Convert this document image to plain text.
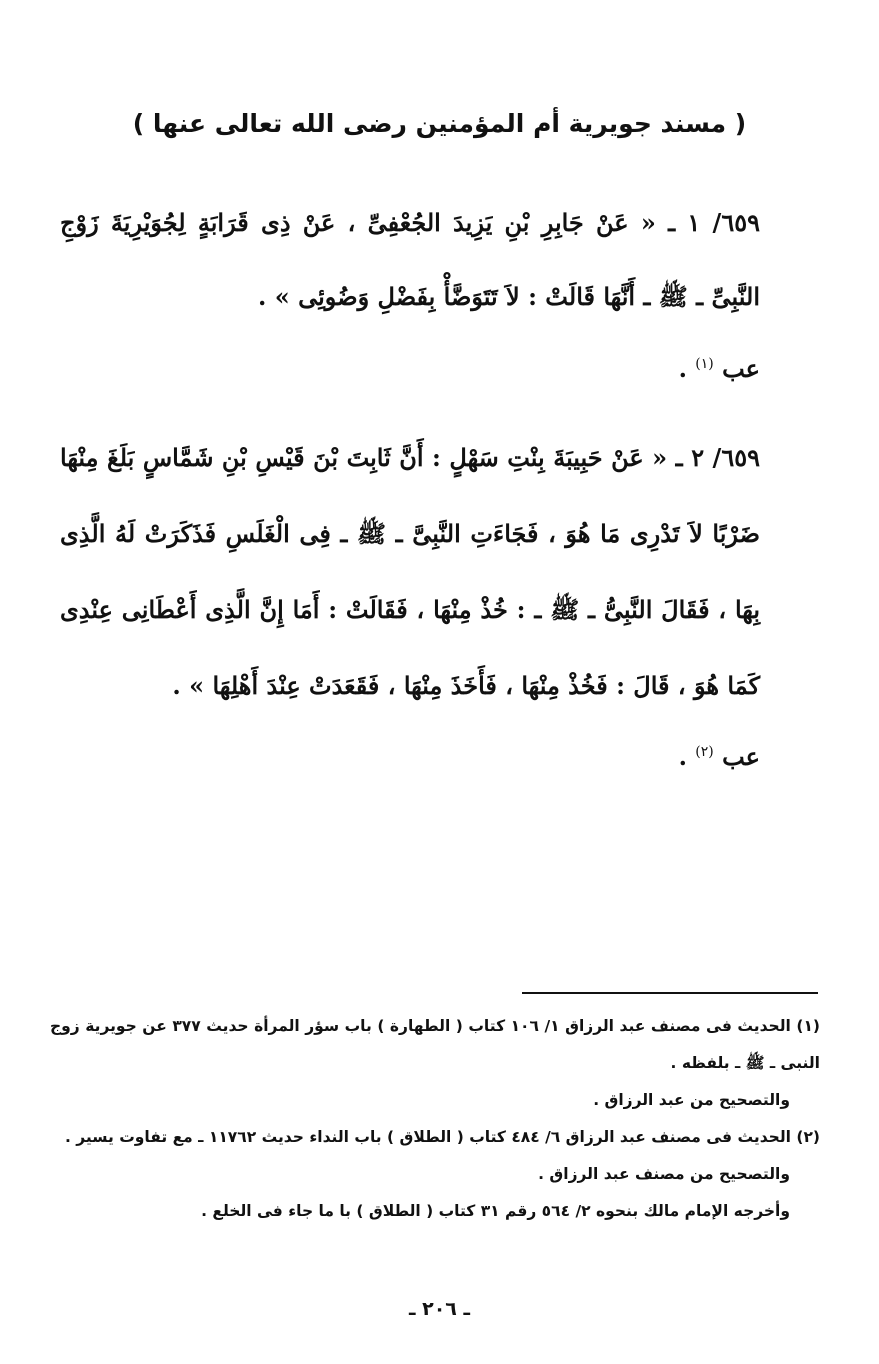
( مسند جويرية أم المؤمنين رضى الله تعالى عنها )

٦٥٩/ ١ ـ « عَنْ جَابِرِ بْنِ يَزِيدَ الجُعْفِىِّ ، عَنْ ذِى قَرَابَةٍ لِجُوَيْرِيَةَ زَوْجِ النَّبِىِّ ـ ﷺ ـ أَنَّهَا قَالَتْ : لاَ تَتَوَضَّأْ بِفَضْلِ وَضُوئِى » .

عب $^{(١)}$ .

٦٥٩/ ٢ ـ « عَنْ حَبِيبَةَ بِنْتِ سَهْلٍ : أَنَّ ثَابِتَ بْنَ قَيْسِ بْنِ شَمَّاسٍ بَلَغَ مِنْهَا ضَرْبًا لاَ تَدْرِى مَا هُوَ ، فَجَاءَتِ النَّبِىَّ ـ ﷺ ـ فِى الْغَلَسِ فَذَكَرَتْ لَهُ الَّذِى بِهَا ، فَقَالَ النَّبِىُّ ـ ﷺ ـ : خُذْ مِنْهَا ، فَقَالَتْ : أَمَا إِنَّ الَّذِى أَعْطَانِى عِنْدِى كَمَا هُوَ ، قَالَ : فَخُذْ مِنْهَا ، فَأَخَذَ مِنْهَا ، فَقَعَدَتْ عِنْدَ أَهْلِهَا » .

عب $^{(٢)}$ .

(١) الحديث فى مصنف عبد الرزاق ١/ ١٠٦ كتاب ( الطهارة ) باب سؤر المرأة حديث ٣٧٧ عن جويرية زوج النبى ـ ﷺ ـ بلفظه .

والتصحيح من عبد الرزاق .

(٢) الحديث فى مصنف عبد الرزاق ٦/ ٤٨٤ كتاب ( الطلاق ) باب النداء حديث ١١٧٦٢ ـ مع تفاوت يسير .

والتصحيح من مصنف عبد الرزاق .

وأخرجه الإمام مالك بنحوه ٢/ ٥٦٤ رقم ٣١ كتاب ( الطلاق ) با ما جاء فى الخلع .

ـ ٢٠٦ ـ
